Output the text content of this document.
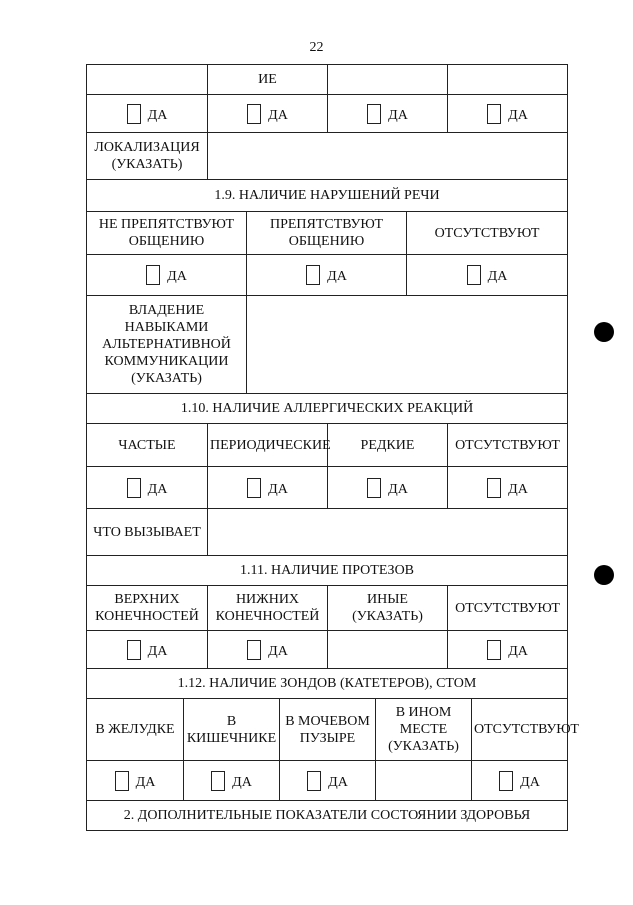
22
	ИЕ		
ДА	ДА	ДА	ДА
ЛОКАЛИЗАЦИЯ (УКАЗАТЬ)			
1.9. НАЛИЧИЕ НАРУШЕНИЙ РЕЧИ		
НЕ ПРЕПЯТСТВУЮТ ОБЩЕНИЮ	ПРЕПЯТСТВУЮТ ОБЩЕНИЮ	ОТСУТСТВУЮТ
ДА	ДА	ДА
ВЛАДЕНИЕ НАВЫКАМИ АЛЬТЕРНАТИВНОЙ КОММУНИКАЦИИ (УКАЗАТЬ)		
1.10. НАЛИЧИЕ АЛЛЕРГИЧЕСКИХ РЕАКЦИЙ			
ЧАСТЫЕ	ПЕРИОДИЧЕСКИЕ	РЕДКИЕ	ОТСУТСТВУЮТ
ДА	ДА	ДА	ДА
ЧТО ВЫЗЫВАЕТ			
1.11. НАЛИЧИЕ ПРОТЕЗОВ			
ВЕРХНИХ КОНЕЧНОСТЕЙ	НИЖНИХ КОНЕЧНОСТЕЙ	ИНЫЕ (УКАЗАТЬ)	ОТСУТСТВУЮТ
ДА	ДА		ДА
1.12. НАЛИЧИЕ ЗОНДОВ (КАТЕТЕРОВ), СТОМ				
В ЖЕЛУДКЕ	В КИШЕЧНИКЕ	В МОЧЕВОМ ПУЗЫРЕ	В ИНОМ МЕСТЕ (УКАЗАТЬ)	ОТСУТСТВУЮТ
ДА	ДА	ДА		ДА
2. ДОПОЛНИТЕЛЬНЫЕ ПОКАЗАТЕЛИ СОСТОЯНИИ ЗДОРОВЬЯ				
